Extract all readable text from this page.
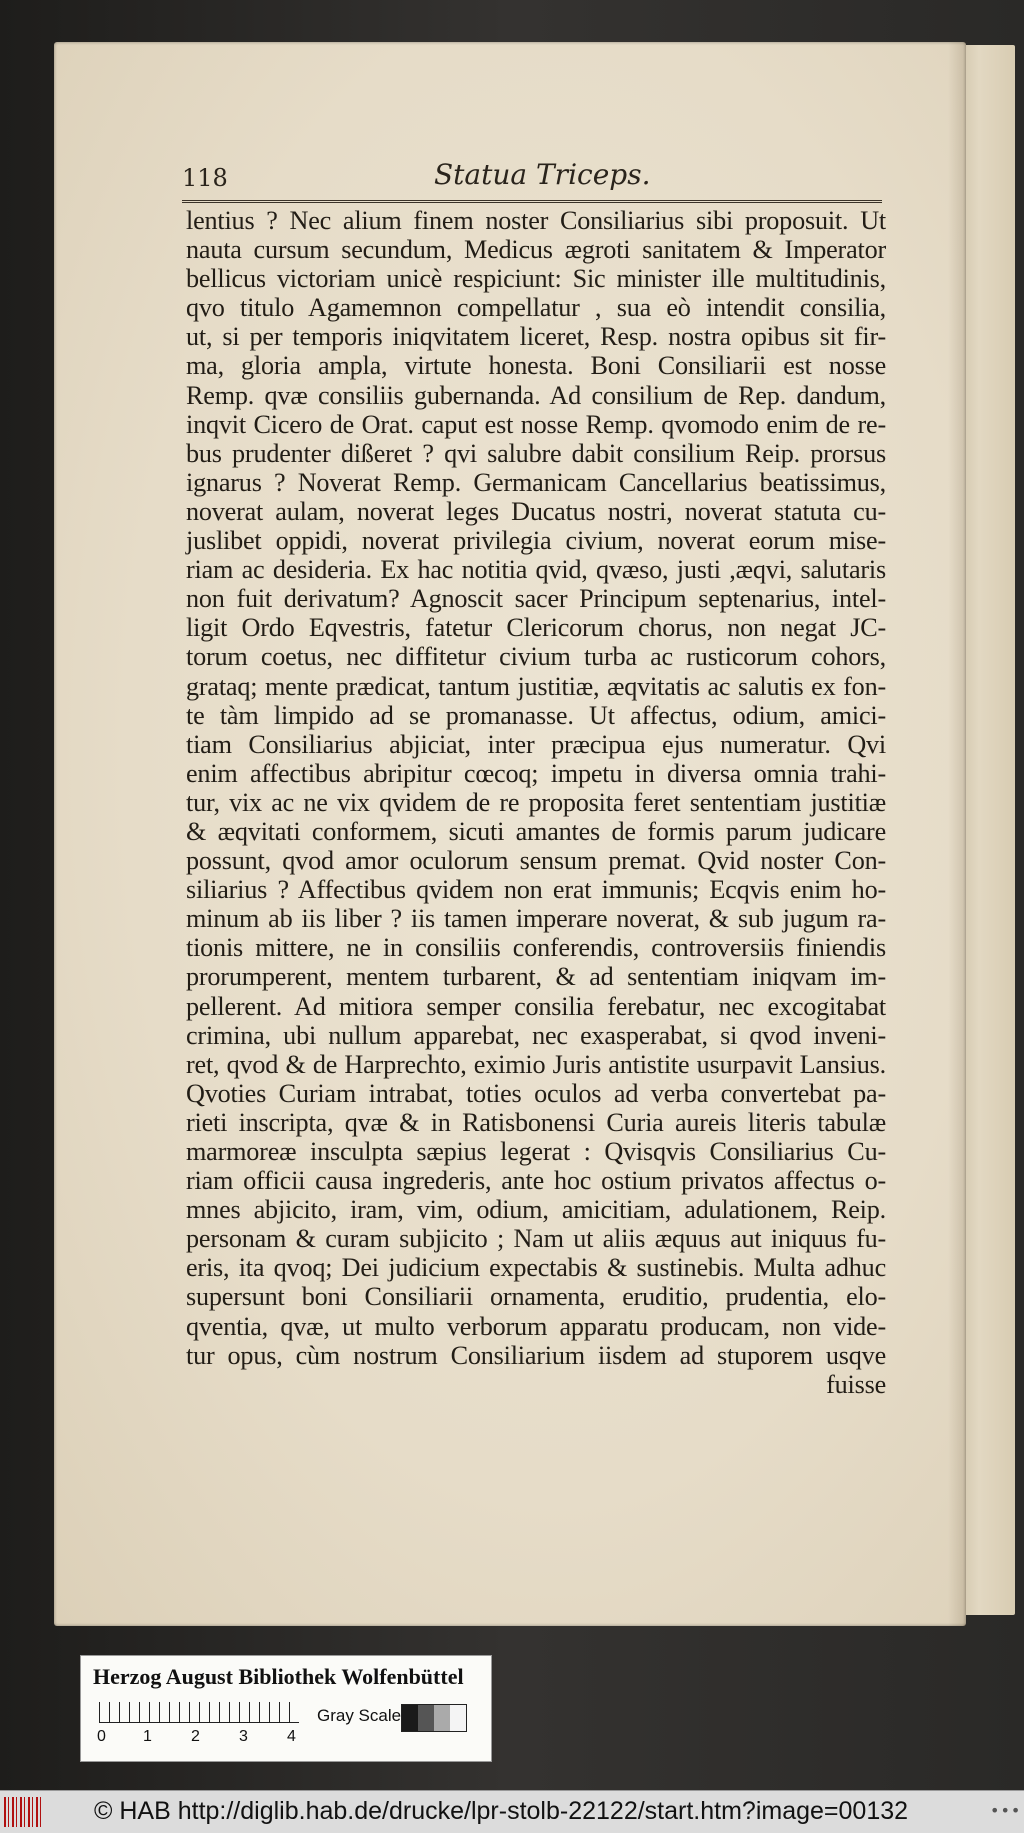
118	Statua Triceps.
lentius ? Nec alium finem noster Consiliarius sibi proposuit. Ut
nauta cursum secundum, Medicus ægroti sanitatem & Imperator
bellicus victoriam unicè respiciunt: Sic minister ille multitudinis,
qvo titulo Agamemnon compellatur , sua eò intendit consilia,
ut, si per temporis iniqvitatem liceret, Resp. nostra opibus sit fir-
ma, gloria ampla, virtute honesta. Boni Consiliarii est nosse
Remp. qvæ consiliis gubernanda. Ad consilium de Rep. dandum,
inqvit Cicero de Orat. caput est nosse Remp. qvomodo enim de re-
bus prudenter dißeret ? qvi salubre dabit consilium Reip. prorsus
ignarus ? Noverat Remp. Germanicam Cancellarius beatissimus,
noverat aulam, noverat leges Ducatus nostri, noverat statuta cu-
juslibet oppidi, noverat privilegia civium, noverat eorum mise-
riam ac desideria. Ex hac notitia qvid, qvæso, justi ,æqvi, salutaris
non fuit derivatum? Agnoscit sacer Principum septenarius, intel-
ligit Ordo Eqvestris, fatetur Clericorum chorus, non negat JC-
torum coetus, nec diffitetur civium turba ac rusticorum cohors,
grataq; mente prædicat, tantum justitiæ, æqvitatis ac salutis ex fon-
te tàm limpido ad se promanasse. Ut affectus, odium, amici-
tiam Consiliarius abjiciat, inter præcipua ejus numeratur. Qvi
enim affectibus abripitur cœcoq; impetu in diversa omnia trahi-
tur, vix ac ne vix qvidem de re proposita feret sententiam justitiæ
& æqvitati conformem, sicuti amantes de formis parum judicare
possunt, qvod amor oculorum sensum premat. Qvid noster Con-
siliarius ? Affectibus qvidem non erat immunis; Ecqvis enim ho-
minum ab iis liber ? iis tamen imperare noverat, & sub jugum ra-
tionis mittere, ne in consiliis conferendis, controversiis finiendis
prorumperent, mentem turbarent, & ad sententiam iniqvam im-
pellerent. Ad mitiora semper consilia ferebatur, nec excogitabat
crimina, ubi nullum apparebat, nec exasperabat, si qvod inveni-
ret, qvod & de Harprechto, eximio Juris antistite usurpavit Lansius.
Qvoties Curiam intrabat, toties oculos ad verba convertebat pa-
rieti inscripta, qvæ & in Ratisbonensi Curia aureis literis tabulæ
marmoreæ insculpta sæpius legerat : Qvisqvis Consiliarius Cu-
riam officii causa ingrederis, ante hoc ostium privatos affectus o-
mnes abjicito, iram, vim, odium, amicitiam, adulationem, Reip.
personam & curam subjicito ; Nam ut aliis æquus aut iniquus fu-
eris, ita qvoq; Dei judicium expectabis & sustinebis. Multa adhuc
supersunt boni Consiliarii ornamenta, eruditio, prudentia, elo-
qventia, qvæ, ut multo verborum apparatu producam, non vide-
tur opus, cùm nostrum Consiliarium iisdem ad stuporem usqve
fuisse
Herzog August Bibliothek Wolfenbüttel
0 1 2 3 4
Gray Scale
© HAB http://diglib.hab.de/drucke/lpr-stolb-22122/start.htm?image=00132	•••
